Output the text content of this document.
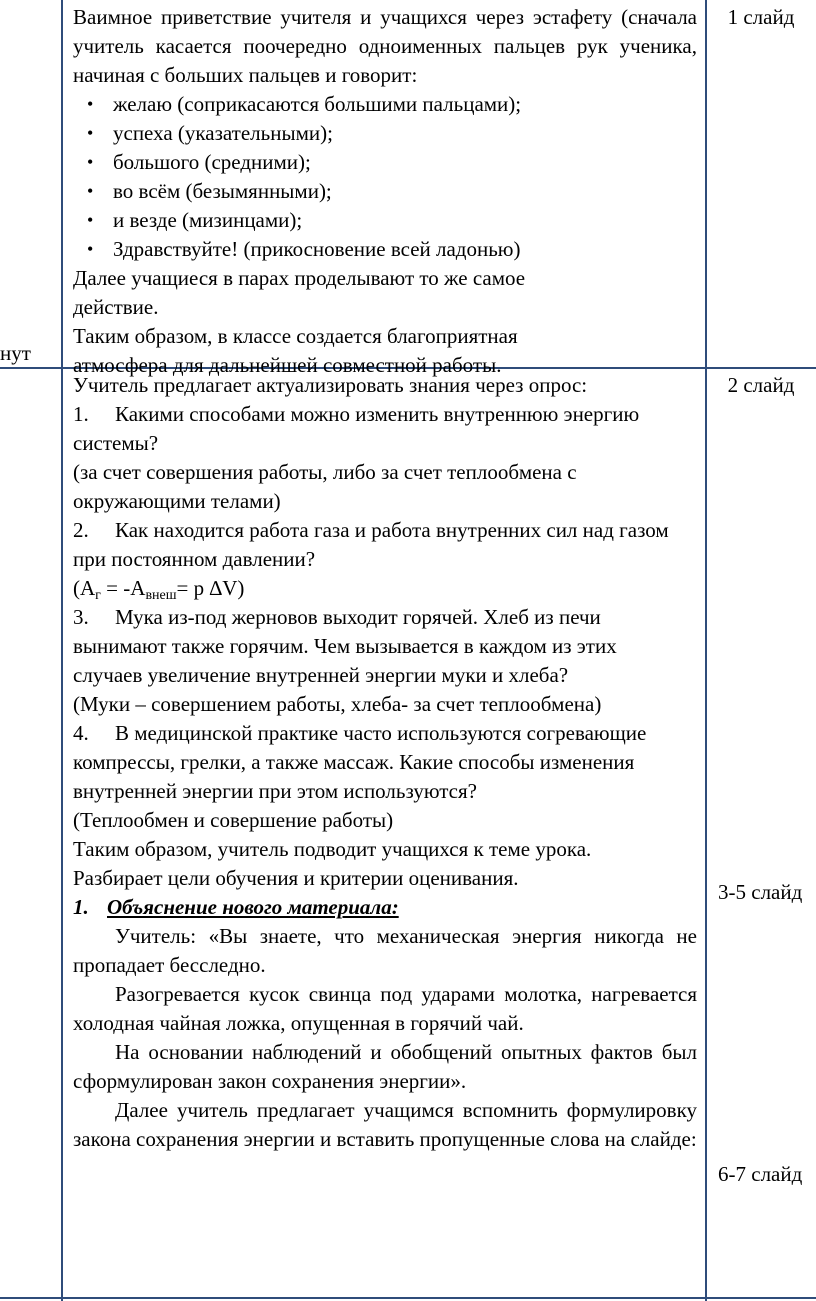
нут
Ваимное приветствие учителя и учащихся через эстафету (сначала учитель касается поочередно одноименных пальцев рук ученика, начиная с больших пальцев и говорит:
• желаю (соприкасаются большими пальцами);
• успеха (указательными);
• большого (средними);
• во всём (безымянными);
• и везде (мизинцами);
• Здравствуйте! (прикосновение всей ладонью)
Далее учащиеся в парах проделывают то же самое действие.
Таким образом, в классе создается благоприятная атмосфера для дальнейшей совместной работы.
1 слайд
Учитель предлагает актуализировать знания через опрос:
1. Какими способами можно изменить внутреннюю энергию системы?
(за счет совершения работы, либо за счет теплообмена с окружающими телами)
2. Как находится работа газа и работа внутренних сил над газом при постоянном давлении?
($А_г = -А_{внеш}= р$ ∆V)
3. Мука из-под жерновов выходит горячей. Хлеб из печи вынимают также горячим. Чем вызывается в каждом из этих случаев увеличение внутренней энергии муки и хлеба?
(Муки – совершением работы, хлеба- за счет теплообмена)
4. В медицинской практике часто используются согревающие компрессы, грелки, а также массаж. Какие способы изменения внутренней энергии при этом используются?
(Теплообмен и совершение работы)
Таким образом, учитель подводит учащихся к теме урока. Разбирает цели обучения и критерии оценивания.
1. Объяснение нового материала:
Учитель: «Вы знаете, что механическая энергия никогда не пропадает бесследно.
Разогревается кусок свинца под ударами молотка, нагревается холодная чайная ложка, опущенная в горячий чай.
На основании наблюдений и обобщений опытных фактов был сформулирован закон сохранения энергии».
Далее учитель предлагает учащимся вспомнить формулировку закона сохранения энергии и вставить пропущенные слова на слайде:
2 слайд
3-5 слайд
6-7 слайд
